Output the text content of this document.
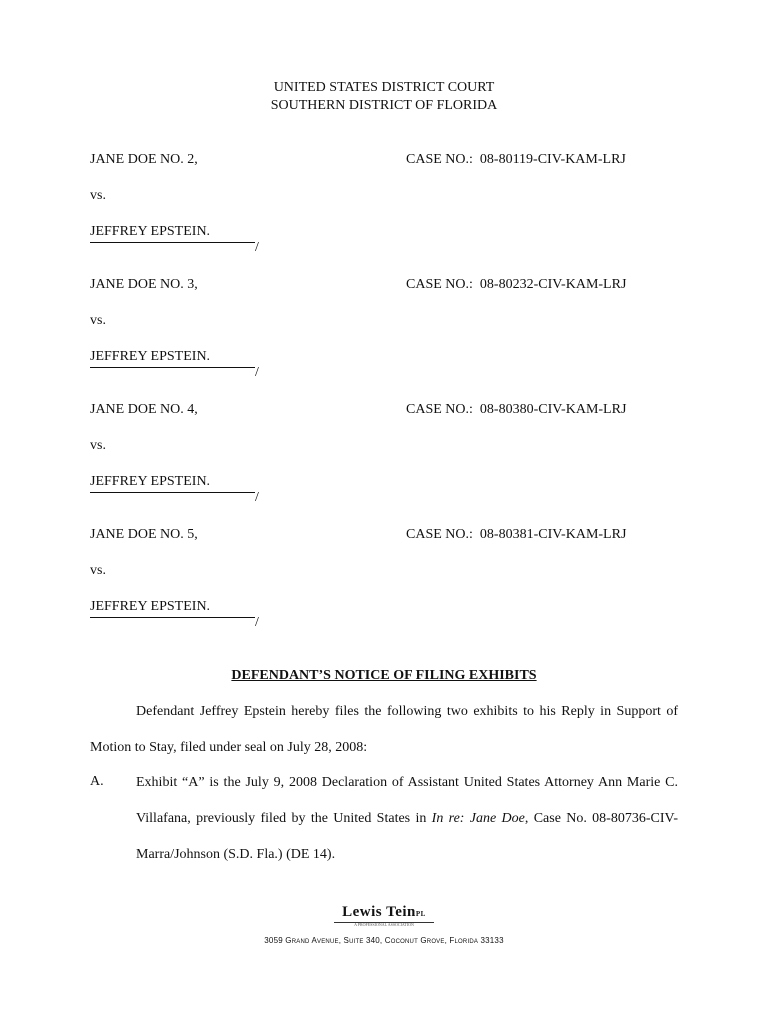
UNITED STATES DISTRICT COURT
SOUTHERN DISTRICT OF FLORIDA
JANE DOE NO. 2,	CASE NO.: 08-80119-CIV-KAM-LRJ
vs.
JEFFREY EPSTEIN.
/
JANE DOE NO. 3,	CASE NO.: 08-80232-CIV-KAM-LRJ
vs.
JEFFREY EPSTEIN.
/
JANE DOE NO. 4,	CASE NO.: 08-80380-CIV-KAM-LRJ
vs.
JEFFREY EPSTEIN.
/
JANE DOE NO. 5,	CASE NO.: 08-80381-CIV-KAM-LRJ
vs.
JEFFREY EPSTEIN.
/
DEFENDANT’S NOTICE OF FILING EXHIBITS
Defendant Jeffrey Epstein hereby files the following two exhibits to his Reply in Support of Motion to Stay, filed under seal on July 28, 2008:
A. Exhibit “A” is the July 9, 2008 Declaration of Assistant United States Attorney Ann Marie C. Villafana, previously filed by the United States in In re: Jane Doe, Case No. 08-80736-CIV-Marra/Johnson (S.D. Fla.) (DE 14).
Lewis TeinPL
A PROFESSIONAL ASSOCIATION
3059 Grand Avenue, Suite 340, Coconut Grove, Florida 33133
